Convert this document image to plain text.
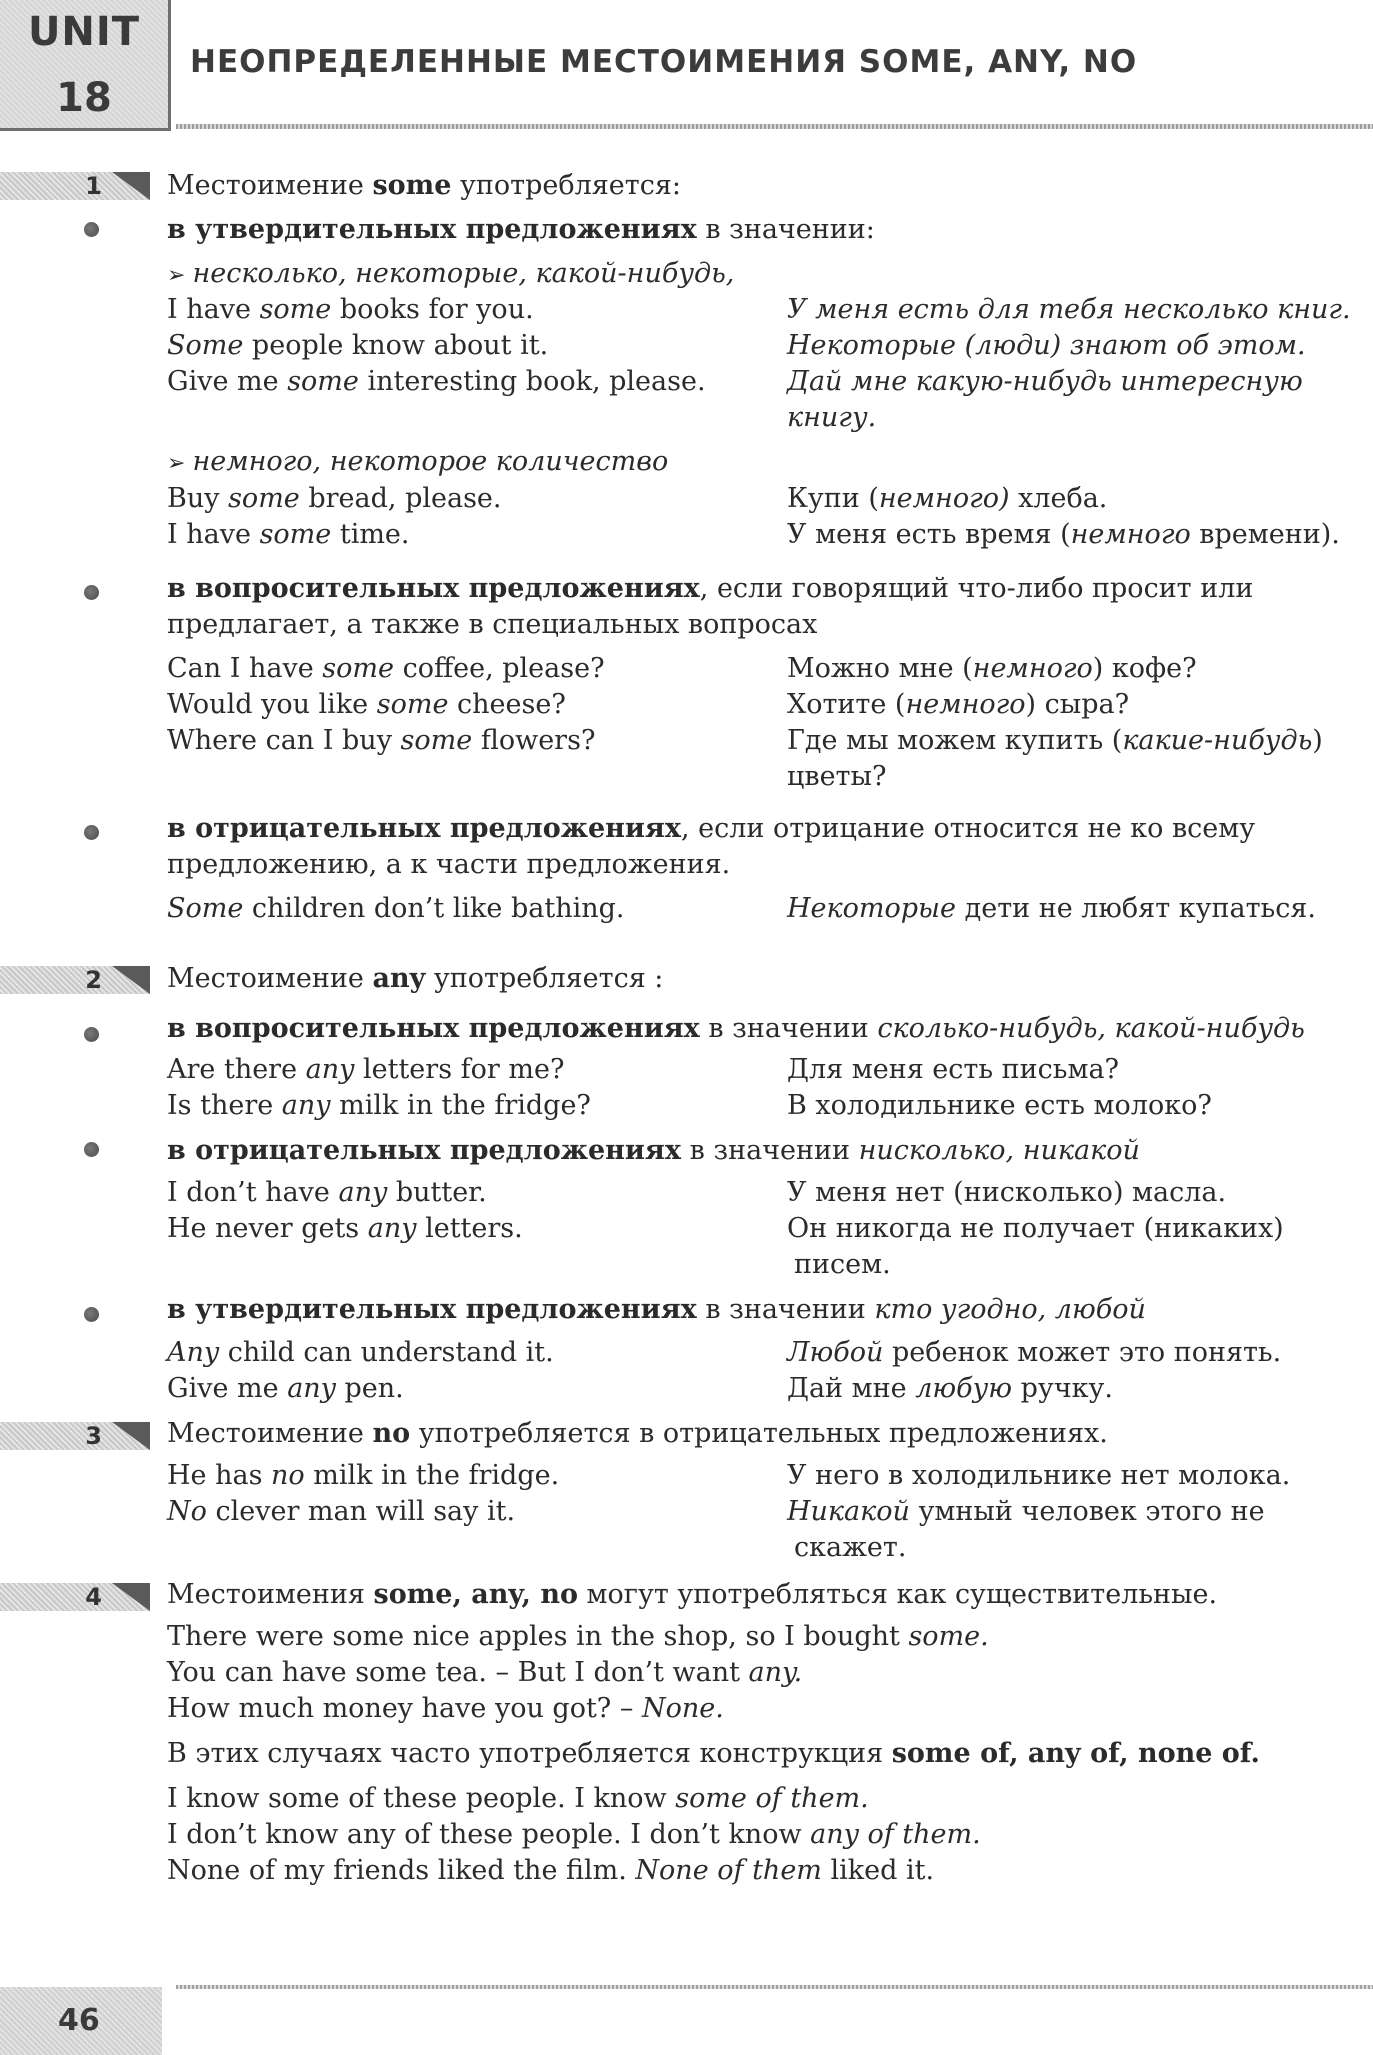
UNIT
18
НЕОПРЕДЕЛЕННЫЕ МЕСТОИМЕНИЯ SOME, ANY, NO
1	Местоимение some употребляется:
в утвердительных предложениях в значении:
➢ несколько, некоторые, какой-нибудь,
I have some books for you.	У меня есть для тебя несколько книг.
Some people know about it.	Некоторые (люди) знают об этом.
Give me some interesting book, please.	Дай мне какую-нибудь интересную
книгу.
➢ немного, некоторое количество
Buy some bread, please.	Купи (немного) хлеба.
I have some time.	У меня есть время (немного времени).
в вопросительных предложениях, если говорящий что-либо просит или
предлагает, а также в специальных вопросах
Can I have some coffee, please?	Можно мне (немного) кофе?
Would you like some cheese?	Хотите (немного) сыра?
Where can I buy some flowers?	Где мы можем купить (какие-нибудь)
цветы?
в отрицательных предложениях, если отрицание относится не ко всему
предложению, а к части предложения.
Some children don’t like bathing.	Некоторые дети не любят купаться.
2	Местоимение any употребляется :
в вопросительных предложениях в значении сколько-нибудь, какой-нибудь
Are there any letters for me?	Для меня есть письма?
Is there any milk in the fridge?	В холодильнике есть молоко?
в отрицательных предложениях в значении нисколько, никакой
I don’t have any butter.	У меня нет (нисколько) масла.
He never gets any letters.	Он никогда не получает (никаких)
писем.
в утвердительных предложениях в значении кто угодно, любой
Any child can understand it.	Любой ребенок может это понять.
Give me any pen.	Дай мне любую ручку.
3	Местоимение no употребляется в отрицательных предложениях.
He has no milk in the fridge.	У него в холодильнике нет молока.
No clever man will say it.	Никакой умный человек этого не
скажет.
4	Местоимения some, any, no могут употребляться как существительные.
There were some nice apples in the shop, so I bought some.
You can have some tea. – But I don’t want any.
How much money have you got? – None.
В этих случаях часто употребляется конструкция some of, any of, none of.
I know some of these people. I know some of them.
I don’t know any of these people. I don’t know any of them.
None of my friends liked the film. None of them liked it.
46
